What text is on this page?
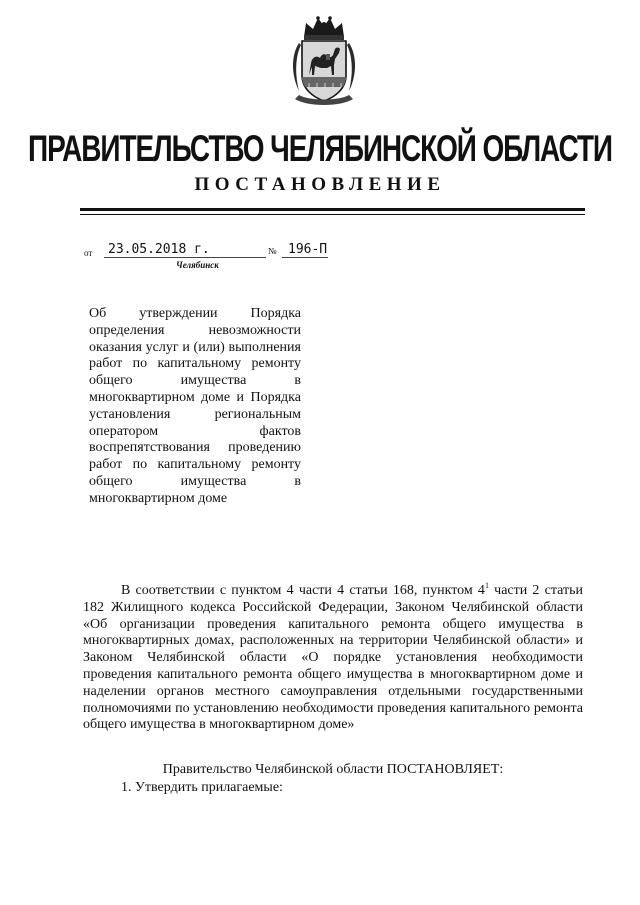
ПРАВИТЕЛЬСТВО ЧЕЛЯБИНСКОЙ ОБЛАСТИ
ПОСТАНОВЛЕНИЕ
от	23.05.2018 г.	№ 196-П
Челябинск
Об утверждении Порядка определения невозможности оказания услуг и (или) выполнения работ по капитальному ремонту общего имущества в многоквартирном доме и Порядка установления региональным оператором фактов воспрепятствования проведению работ по капитальному ремонту общего имущества в многоквартирном доме

В соответствии с пунктом 4 части 4 статьи 168, пунктом $4^1$ части 2 статьи 182 Жилищного кодекса Российской Федерации, Законом Челябинской области «Об организации проведения капитального ремонта общего имущества в многоквартирных домах, расположенных на территории Челябинской области» и Законом Челябинской области «О порядке установления необходимости проведения капитального ремонта общего имущества в многоквартирном доме и наделении органов местного самоуправления отдельными государственными полномочиями по установлению необходимости проведения капитального ремонта общего имущества в многоквартирном доме»

Правительство Челябинской области ПОСТАНОВЛЯЕТ:
1. Утвердить прилагаемые:
